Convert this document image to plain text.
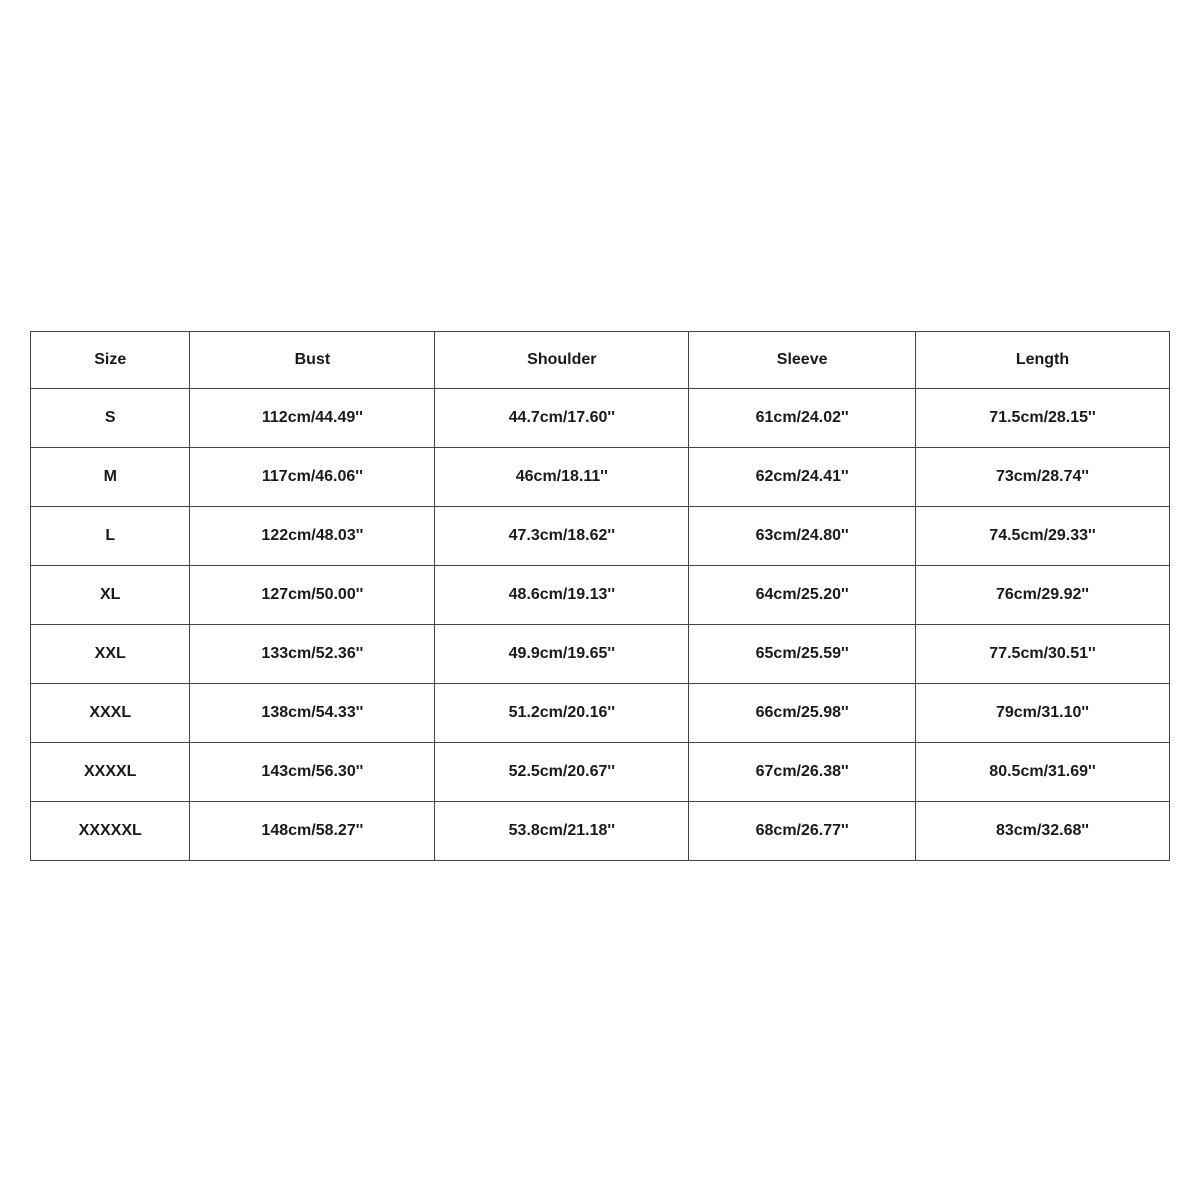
Size	Bust	Shoulder	Sleeve	Length
S	112cm/44.49''	44.7cm/17.60''	61cm/24.02''	71.5cm/28.15''
M	117cm/46.06''	46cm/18.11''	62cm/24.41''	73cm/28.74''
L	122cm/48.03''	47.3cm/18.62''	63cm/24.80''	74.5cm/29.33''
XL	127cm/50.00''	48.6cm/19.13''	64cm/25.20''	76cm/29.92''
XXL	133cm/52.36''	49.9cm/19.65''	65cm/25.59''	77.5cm/30.51''
XXXL	138cm/54.33''	51.2cm/20.16''	66cm/25.98''	79cm/31.10''
XXXXL	143cm/56.30''	52.5cm/20.67''	67cm/26.38''	80.5cm/31.69''
XXXXXL	148cm/58.27''	53.8cm/21.18''	68cm/26.77''	83cm/32.68''
